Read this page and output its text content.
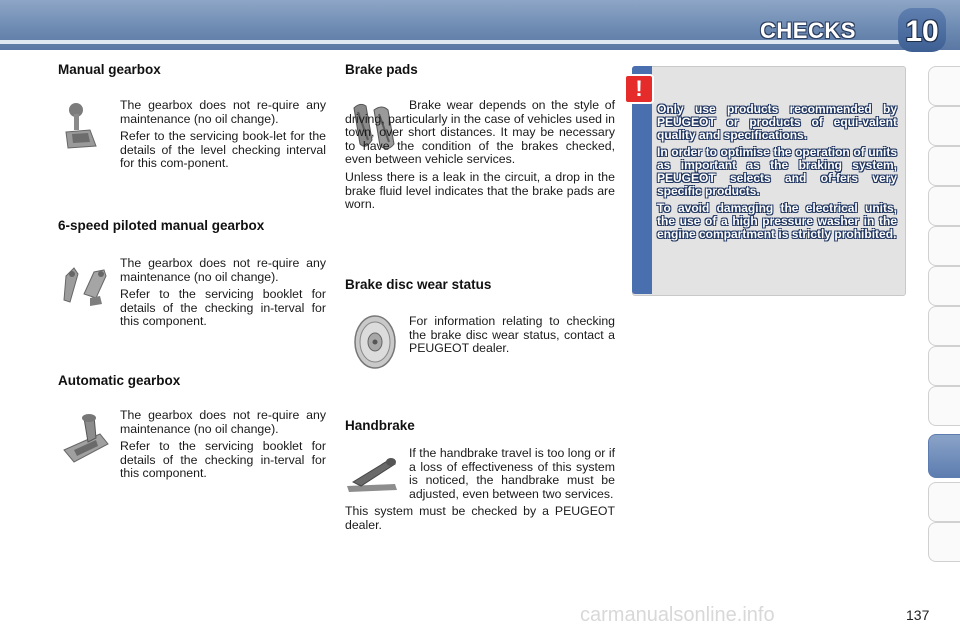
CHECKS 10
Manual gearbox

The gearbox does not re-quire any maintenance (no oil change).

Refer to the servicing book-let for the details of the level checking interval for this com-ponent.

6-speed piloted manual gearbox

The gearbox does not re-quire any maintenance (no oil change).

Refer to the servicing booklet for details of the checking in-terval for this component.

Automatic gearbox

The gearbox does not re-quire any maintenance (no oil change).

Refer to the servicing booklet for details of the checking in-terval for this component.

Brake pads

Brake wear depends on the style of driving, particularly in the case of vehicles used in town, over short distances. It may be necessary to have the condition of the brakes checked, even between vehicle services.

Unless there is a leak in the circuit, a drop in the brake fluid level indicates that the brake pads are worn.

Brake disc wear status

For information relating to checking the brake disc wear status, contact a PEUGEOT dealer.

Handbrake

If the handbrake travel is too long or if a loss of effectiveness of this system is noticed, the handbrake must be adjusted, even between two services.

This system must be checked by a PEUGEOT dealer.

!

Only use products recommended by PEUGEOT or products of equi-valent quality and specifications.

In order to optimise the operation of units as important as the braking system, PEUGEOT selects and of-fers very specific products.

To avoid damaging the electrical units, the use of a high pressure washer in the engine compartment is strictly prohibited.

carmanualsonline.info	137
